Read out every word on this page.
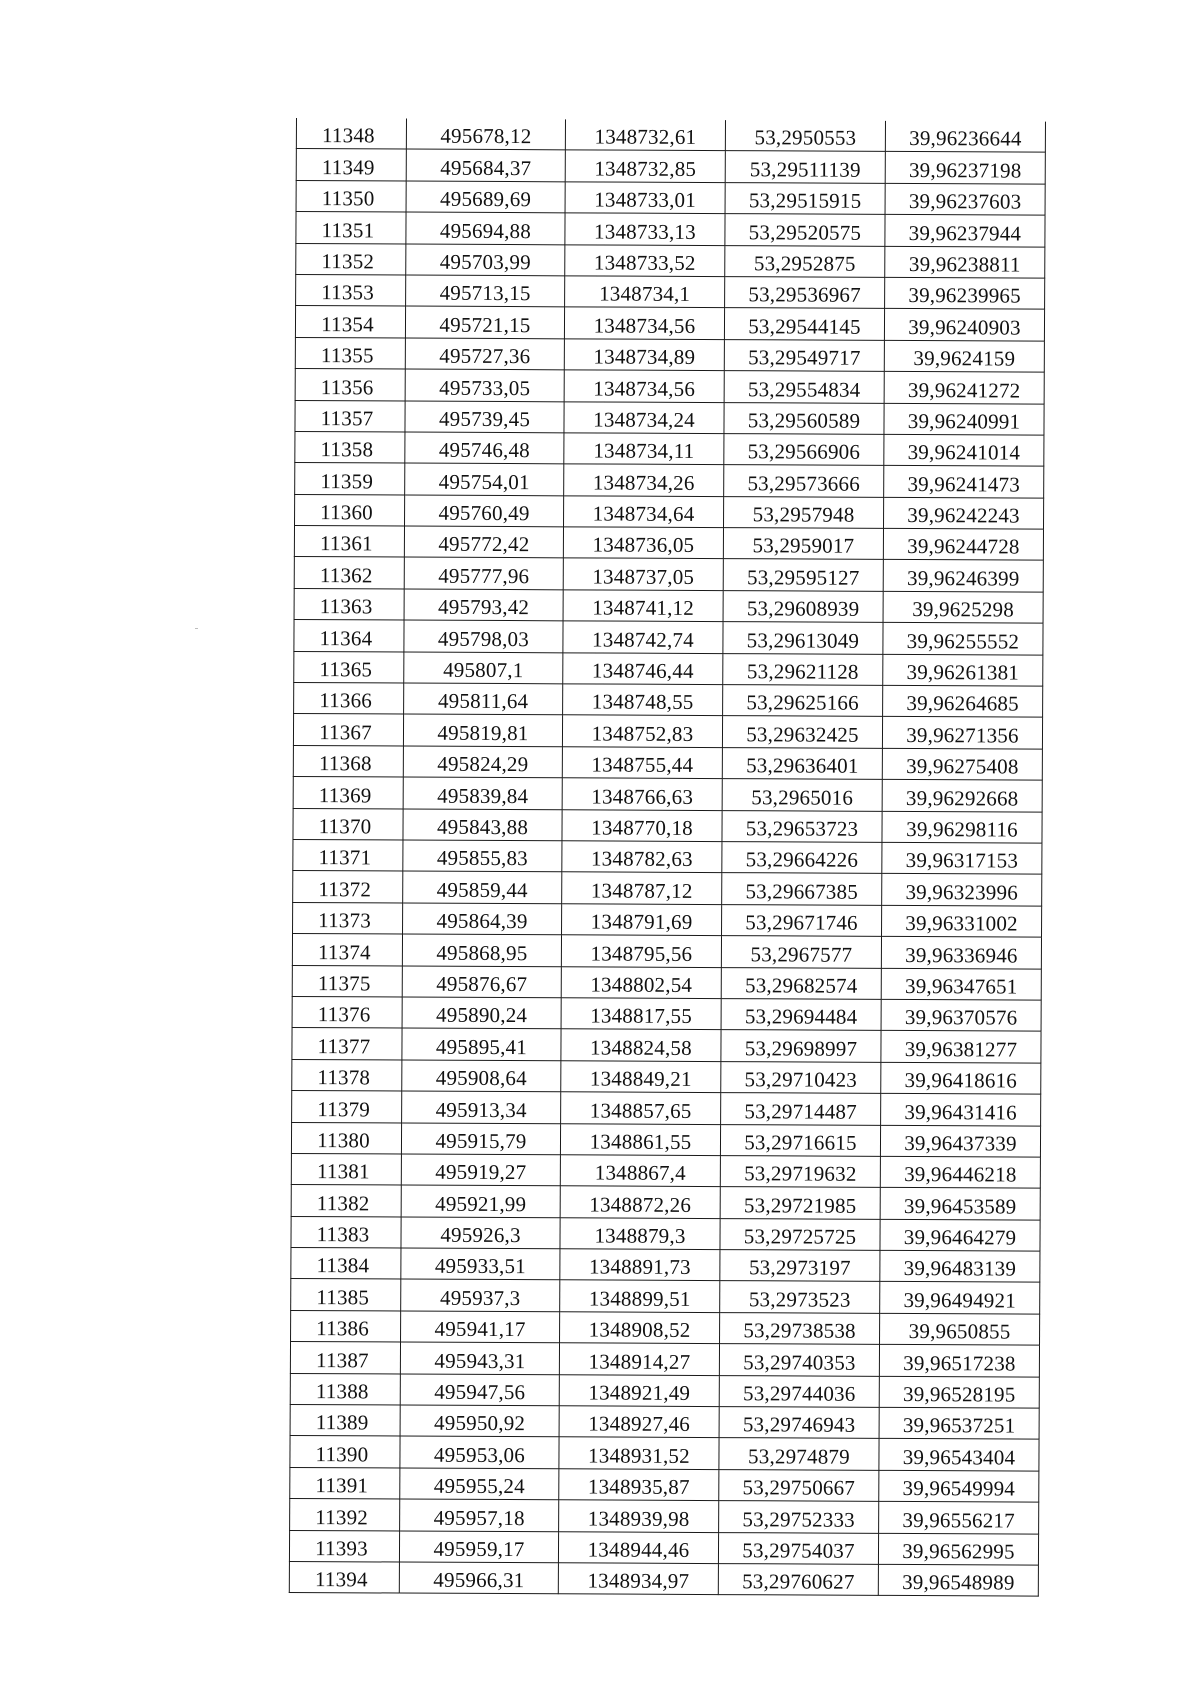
11348	495678,12	1348732,61	53,2950553	39,96236644
11349	495684,37	1348732,85	53,29511139	39,96237198
11350	495689,69	1348733,01	53,29515915	39,96237603
11351	495694,88	1348733,13	53,29520575	39,96237944
11352	495703,99	1348733,52	53,2952875	39,96238811
11353	495713,15	1348734,1	53,29536967	39,96239965
11354	495721,15	1348734,56	53,29544145	39,96240903
11355	495727,36	1348734,89	53,29549717	39,9624159
11356	495733,05	1348734,56	53,29554834	39,96241272
11357	495739,45	1348734,24	53,29560589	39,96240991
11358	495746,48	1348734,11	53,29566906	39,96241014
11359	495754,01	1348734,26	53,29573666	39,96241473
11360	495760,49	1348734,64	53,2957948	39,96242243
11361	495772,42	1348736,05	53,2959017	39,96244728
11362	495777,96	1348737,05	53,29595127	39,96246399
11363	495793,42	1348741,12	53,29608939	39,9625298
11364	495798,03	1348742,74	53,29613049	39,96255552
11365	495807,1	1348746,44	53,29621128	39,96261381
11366	495811,64	1348748,55	53,29625166	39,96264685
11367	495819,81	1348752,83	53,29632425	39,96271356
11368	495824,29	1348755,44	53,29636401	39,96275408
11369	495839,84	1348766,63	53,2965016	39,96292668
11370	495843,88	1348770,18	53,29653723	39,96298116
11371	495855,83	1348782,63	53,29664226	39,96317153
11372	495859,44	1348787,12	53,29667385	39,96323996
11373	495864,39	1348791,69	53,29671746	39,96331002
11374	495868,95	1348795,56	53,2967577	39,96336946
11375	495876,67	1348802,54	53,29682574	39,96347651
11376	495890,24	1348817,55	53,29694484	39,96370576
11377	495895,41	1348824,58	53,29698997	39,96381277
11378	495908,64	1348849,21	53,29710423	39,96418616
11379	495913,34	1348857,65	53,29714487	39,96431416
11380	495915,79	1348861,55	53,29716615	39,96437339
11381	495919,27	1348867,4	53,29719632	39,96446218
11382	495921,99	1348872,26	53,29721985	39,96453589
11383	495926,3	1348879,3	53,29725725	39,96464279
11384	495933,51	1348891,73	53,2973197	39,96483139
11385	495937,3	1348899,51	53,2973523	39,96494921
11386	495941,17	1348908,52	53,29738538	39,9650855
11387	495943,31	1348914,27	53,29740353	39,96517238
11388	495947,56	1348921,49	53,29744036	39,96528195
11389	495950,92	1348927,46	53,29746943	39,96537251
11390	495953,06	1348931,52	53,2974879	39,96543404
11391	495955,24	1348935,87	53,29750667	39,96549994
11392	495957,18	1348939,98	53,29752333	39,96556217
11393	495959,17	1348944,46	53,29754037	39,96562995
11394	495966,31	1348934,97	53,29760627	39,96548989
